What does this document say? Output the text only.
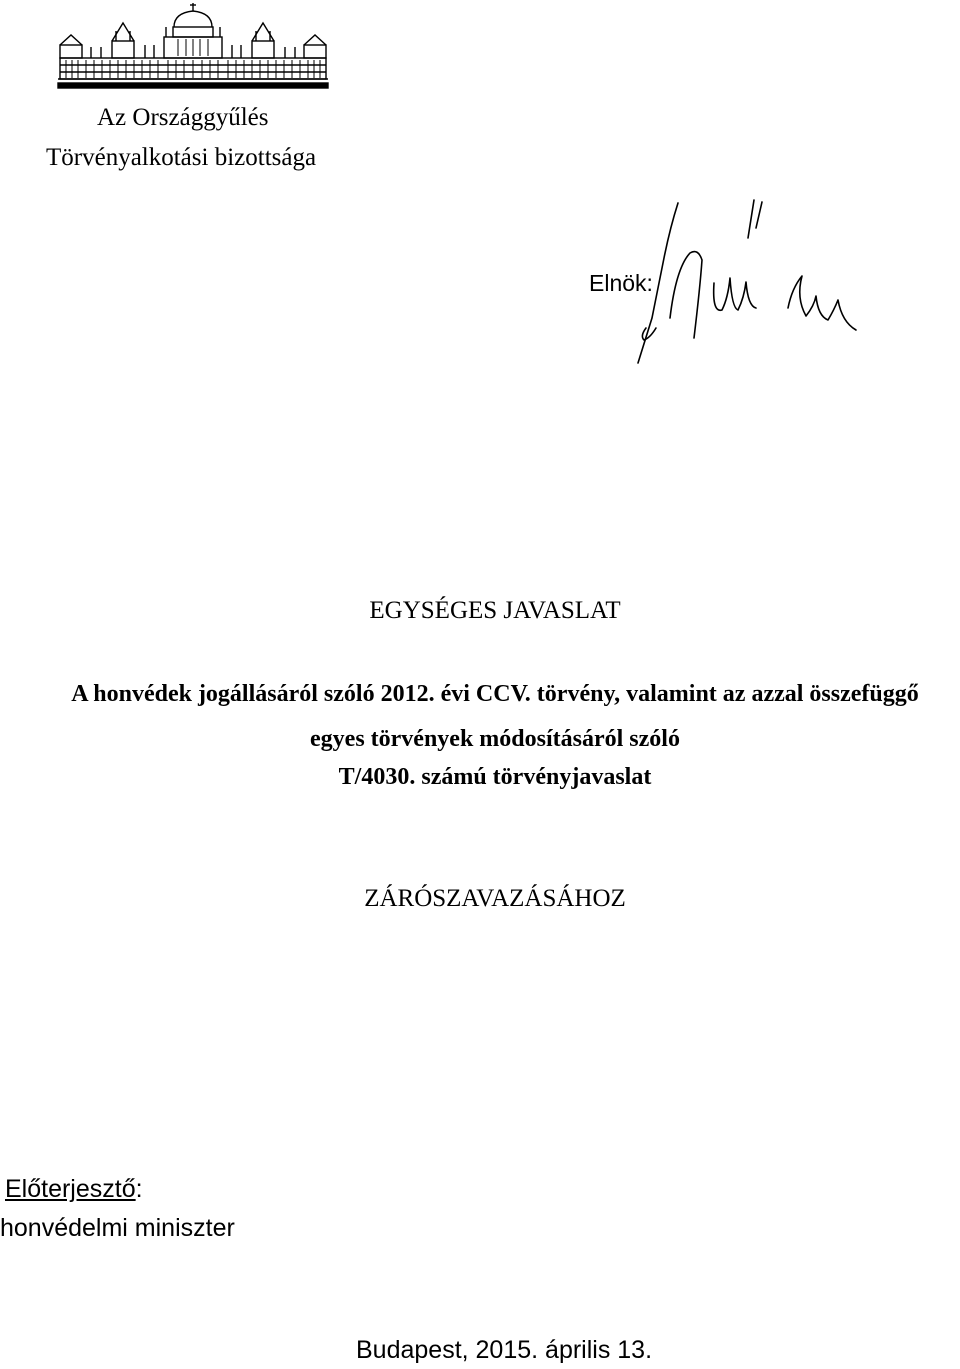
Az Országgyűlés
Törvényalkotási bizottsága
Elnök:
EGYSÉGES JAVASLAT
A honvédek jogállásáról szóló 2012. évi CCV. törvény, valamint az azzal összefüggő
egyes törvények módosításáról szóló
T/4030. számú törvényjavaslat
ZÁRÓSZAVAZÁSÁHOZ
Előterjesztő:
honvédelmi miniszter
Budapest, 2015. április 13.
